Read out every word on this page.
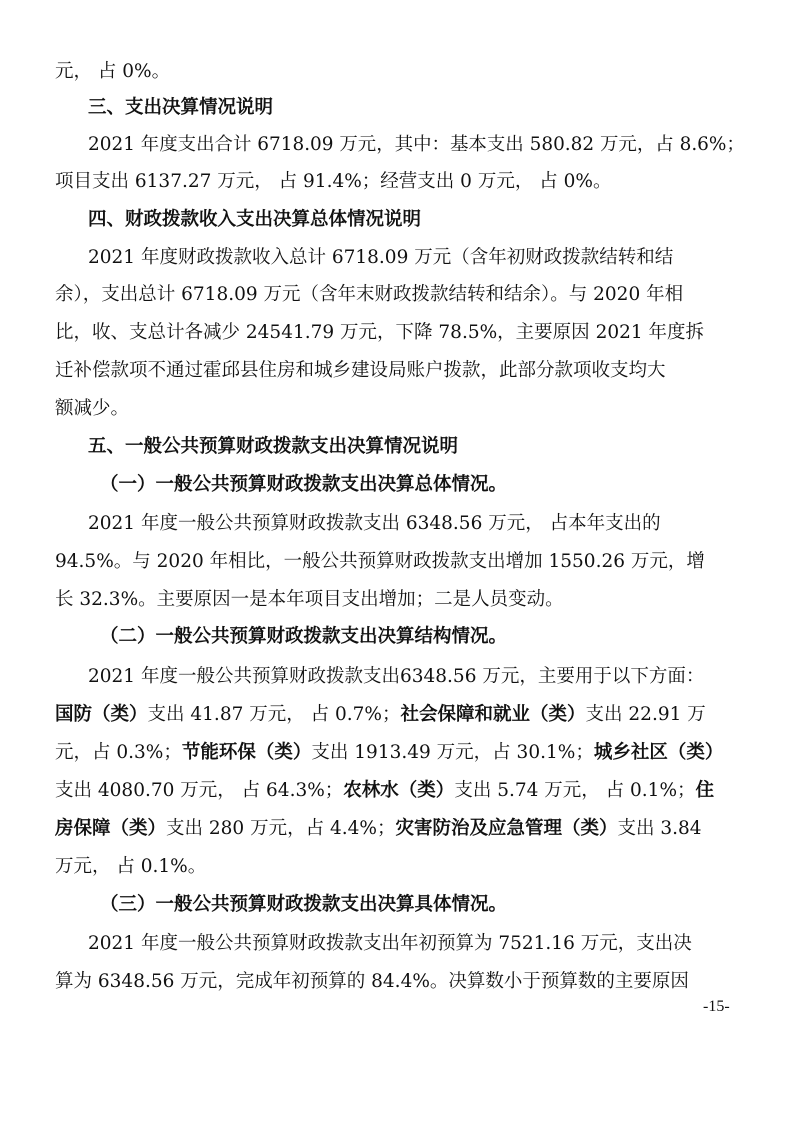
元， 占 0%。
三、支出决算情况说明
2021 年度支出合计 6718.09 万元，其中：基本支出 580.82 万元，占 8.6%；
项目支出 6137.27 万元， 占 91.4%；经营支出 0 万元， 占 0%。
四、财政拨款收入支出决算总体情况说明
2021 年度财政拨款收入总计 6718.09 万元（含年初财政拨款结转和结
余），支出总计 6718.09 万元（含年末财政拨款结转和结余）。与 2020 年相
比，收、支总计各减少 24541.79 万元，下降 78.5%，主要原因 2021 年度拆
迁补偿款项不通过霍邱县住房和城乡建设局账户拨款，此部分款项收支均大
额减少。
五、一般公共预算财政拨款支出决算情况说明
（一）一般公共预算财政拨款支出决算总体情况。
2021 年度一般公共预算财政拨款支出 6348.56 万元， 占本年支出的
94.5%。与 2020 年相比，一般公共预算财政拨款支出增加 1550.26 万元，增
长 32.3%。主要原因一是本年项目支出增加；二是人员变动。
（二）一般公共预算财政拨款支出决算结构情况。
2021 年度一般公共预算财政拨款支出6348.56 万元，主要用于以下方面：
国防（类）支出 41.87 万元， 占 0.7%；社会保障和就业（类）支出 22.91 万
元，占 0.3%；节能环保（类）支出 1913.49 万元，占 30.1%；城乡社区（类）
支出 4080.70 万元， 占 64.3%；农林水（类）支出 5.74 万元， 占 0.1%；住
房保障（类）支出 280 万元，占 4.4%；灾害防治及应急管理（类）支出 3.84
万元， 占 0.1%。
（三）一般公共预算财政拨款支出决算具体情况。
2021 年度一般公共预算财政拨款支出年初预算为 7521.16 万元，支出决
算为 6348.56 万元，完成年初预算的 84.4%。决算数小于预算数的主要原因
-15-
